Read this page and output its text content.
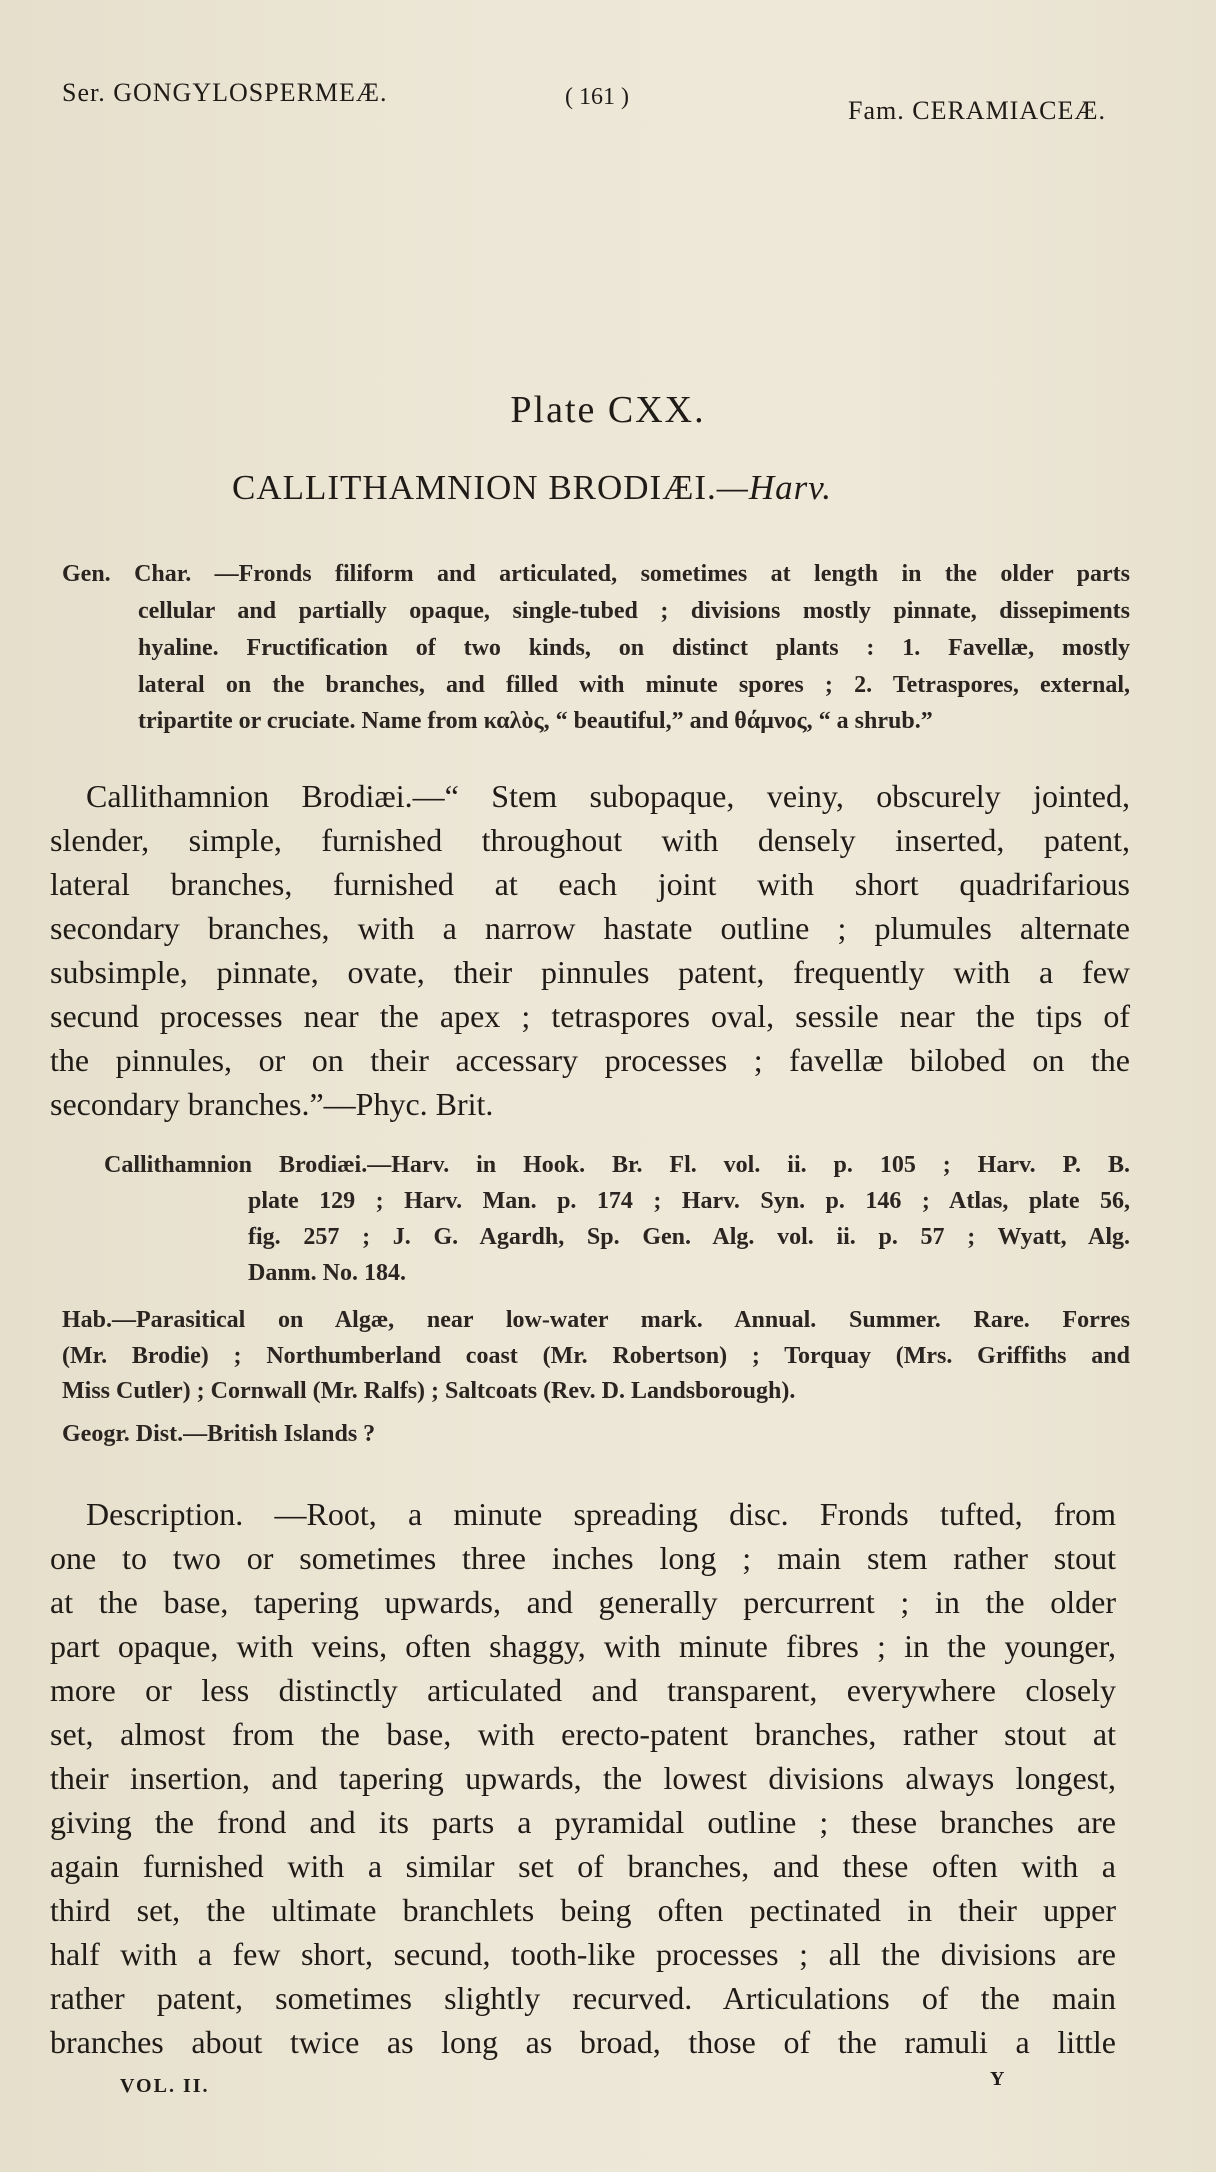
Ser. GONGYLOSPERMEÆ.	( 161 )	Fam. CERAMIACEÆ.
Plate CXX.
CALLITHAMNION BRODIÆI.—Harv.
Gen. Char. —Fronds filiform and articulated, sometimes at length in the older parts
cellular and partially opaque, single-tubed ; divisions mostly pinnate, dissepiments
hyaline. Fructification of two kinds, on distinct plants : 1. Favellæ, mostly
lateral on the branches, and filled with minute spores ; 2. Tetraspores, external,
tripartite or cruciate. Name from καλὸς, “ beautiful,” and θάμνος, “ a shrub.”
Callithamnion Brodiæi.—“ Stem subopaque, veiny, obscurely jointed,
slender, simple, furnished throughout with densely inserted, patent,
lateral branches, furnished at each joint with short quadrifarious
secondary branches, with a narrow hastate outline ; plumules alternate
subsimple, pinnate, ovate, their pinnules patent, frequently with a few
secund processes near the apex ; tetraspores oval, sessile near the tips of
the pinnules, or on their accessary processes ; favellæ bilobed on the
secondary branches.”—Phyc. Brit.
Callithamnion Brodiæi.—Harv. in Hook. Br. Fl. vol. ii. p. 105 ; Harv. P. B.
plate 129 ; Harv. Man. p. 174 ; Harv. Syn. p. 146 ; Atlas, plate 56,
fig. 257 ; J. G. Agardh, Sp. Gen. Alg. vol. ii. p. 57 ; Wyatt, Alg.
Danm. No. 184.
Hab.—Parasitical on Algæ, near low-water mark. Annual. Summer. Rare. Forres
(Mr. Brodie) ; Northumberland coast (Mr. Robertson) ; Torquay (Mrs. Griffiths and
Miss Cutler) ; Cornwall (Mr. Ralfs) ; Saltcoats (Rev. D. Landsborough).
Geogr. Dist.—British Islands ?
Description. —Root, a minute spreading disc. Fronds tufted, from
one to two or sometimes three inches long ; main stem rather stout
at the base, tapering upwards, and generally percurrent ; in the older
part opaque, with veins, often shaggy, with minute fibres ; in the younger,
more or less distinctly articulated and transparent, everywhere closely
set, almost from the base, with erecto-patent branches, rather stout at
their insertion, and tapering upwards, the lowest divisions always longest,
giving the frond and its parts a pyramidal outline ; these branches are
again furnished with a similar set of branches, and these often with a
third set, the ultimate branchlets being often pectinated in their upper
half with a few short, secund, tooth-like processes ; all the divisions are
rather patent, sometimes slightly recurved. Articulations of the main
branches about twice as long as broad, those of the ramuli a little
VOL. II.	Y
